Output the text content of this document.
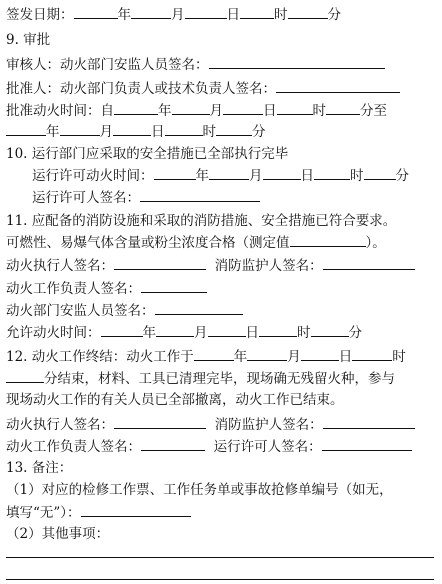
签发日期：	年	月	日	时	分
9. 审批
审核人：动火部门安监人员签名：
批准人：动火部门负责人或技术负责人签名：
批准动火时间：自	年	月	日	时	分至
年	月	日	时	分
10. 运行部门应采取的安全措施已全部执行完毕
运行许可动火时间：	年	月	日	时 分
运行许可人签名：
11. 应配备的消防设施和采取的消防措施、安全措施已符合要求。
可燃性、易爆气体含量或粉尘浓度合格（测定值	）。
动火执行人签名：	消防监护人签名：
动火工作负责人签名：
动火部门安监人员签名：
允许动火时间：	年	月	日	时	分
12. 动火工作终结：动火工作于	年	月	日	时
分结束，材料、工具已清理完毕，现场确无残留火种，参与
现场动火工作的有关人员已全部撤离，动火工作已结束。
动火执行人签名：	消防监护人签名：
动火工作负责人签名：	运行许可人签名：
13. 备注：
（1）对应的检修工作票、工作任务单或事故抢修单编号（如无，
填写“无”）：
（2）其他事项：
